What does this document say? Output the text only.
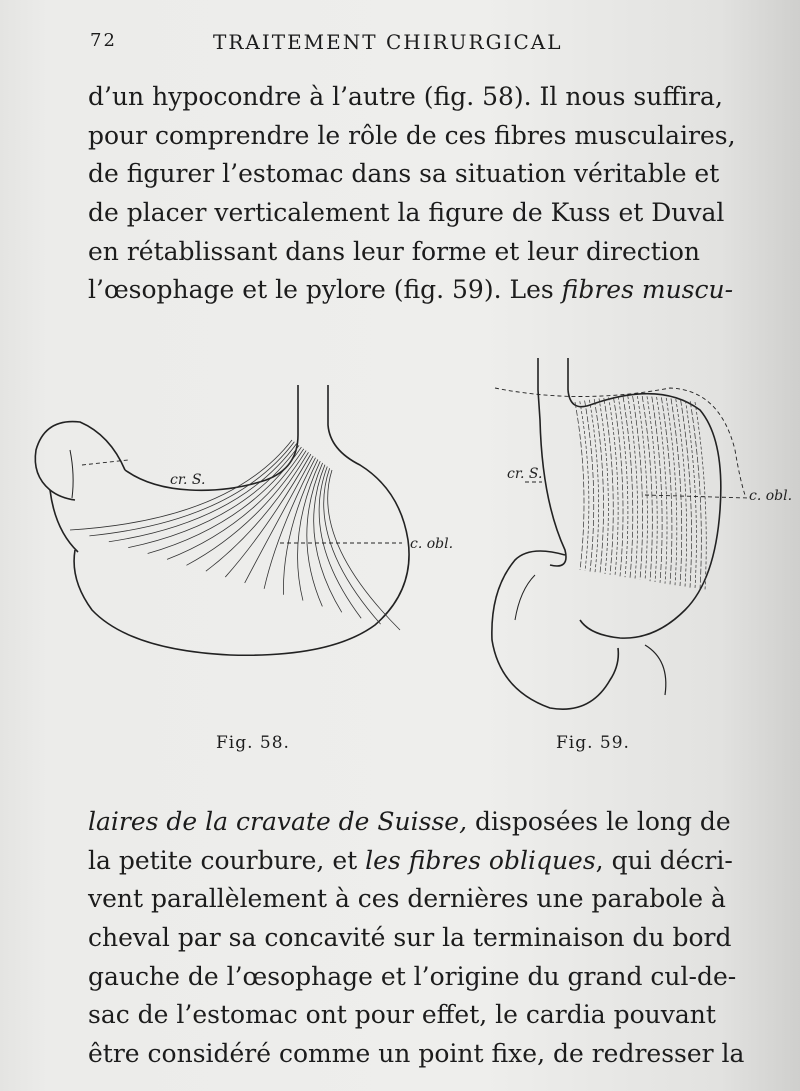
72	TRAITEMENT CHIRURGICAL
d’un hypocondre à l’autre (fig. 58). Il nous suffira,
pour comprendre le rôle de ces fibres musculaires,
de figurer l’estomac dans sa situation véritable et
de placer verticalement la figure de Kuss et Duval
en rétablissant dans leur forme et leur direction
l’œsophage et le pylore (fig. 59). Les fibres muscu-
cr. S.
c. obl.
cr. S.
c. obl.
Fig. 58.	Fig. 59.
laires de la cravate de Suisse, disposées le long de
la petite courbure, et les fibres obliques, qui décri-
vent parallèlement à ces dernières une parabole à
cheval par sa concavité sur la terminaison du bord
gauche de l’œsophage et l’origine du grand cul-de-
sac de l’estomac ont pour effet, le cardia pouvant
être considéré comme un point fixe, de redresser la
